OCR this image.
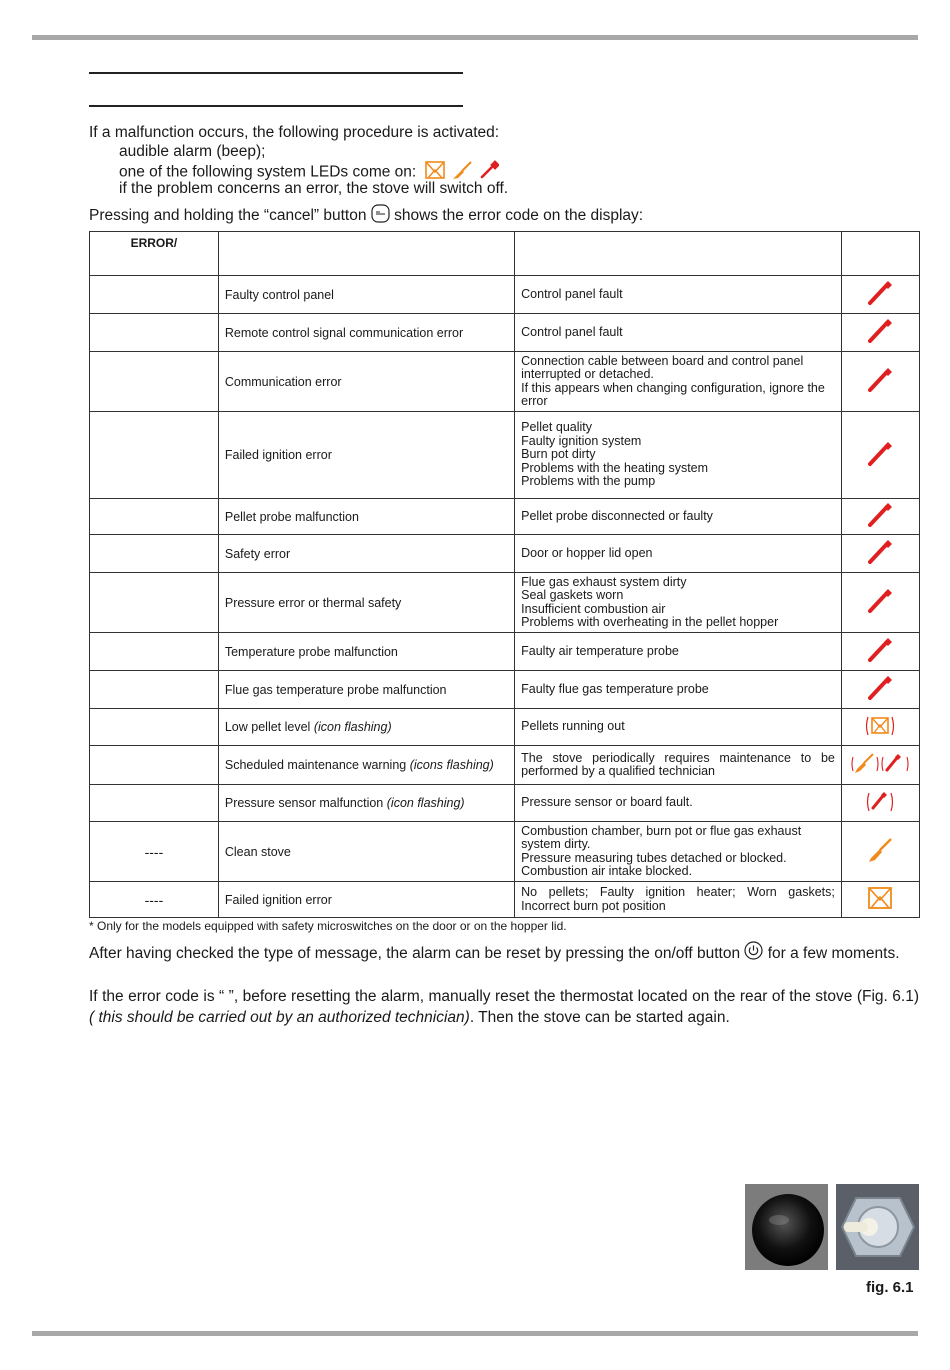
If a malfunction occurs, the following procedure is activated:
audible alarm (beep);
one of the following system LEDs come on:
if the problem concerns an error, the stove will switch off.
Pressing and holding the “cancel” button shows the error code on the display:
ERROR/			
	Faulty control panel	Control panel fault	
	Remote control signal communication error	Control panel fault	
	Communication error	Connection cable between board and control panel interrupted or detached.
If this appears when changing configuration, ignore the error	
	Failed ignition error	Pellet quality
Faulty ignition system
Burn pot dirty
Problems with the heating system
Problems with the pump	
	Pellet probe malfunction	Pellet probe disconnected or faulty	
	Safety error	Door or hopper lid open	
	Pressure error or thermal safety	Flue gas exhaust system dirty
Seal gaskets worn
Insufficient combustion air
Problems with overheating in the pellet hopper	
	Temperature probe malfunction	Faulty air temperature probe	
	Flue gas temperature probe malfunction	Faulty flue gas temperature probe	
	Low pellet level (icon flashing)	Pellets running out	
	Scheduled maintenance warning (icons flashing)	The stove periodically requires maintenance to be performed by a qualified technician	
	Pressure sensor malfunction (icon flashing)	Pressure sensor or board fault.	
----	Clean stove	Combustion chamber, burn pot or flue gas exhaust system dirty.
Pressure measuring tubes detached or blocked.
Combustion air intake blocked.	
----	Failed ignition error	No pellets; Faulty ignition heater; Worn gaskets; Incorrect burn pot position	
* Only for the models equipped with safety microswitches on the door or on the hopper lid.
After having checked the type of message, the alarm can be reset by pressing the on/off button for a few moments.
If the error code is “ ”, before resetting the alarm, manually reset the thermostat located on the rear of the stove (Fig. 6.1) ( this should be carried out by an authorized technician). Then the stove can be started again.
fig. 6.1
